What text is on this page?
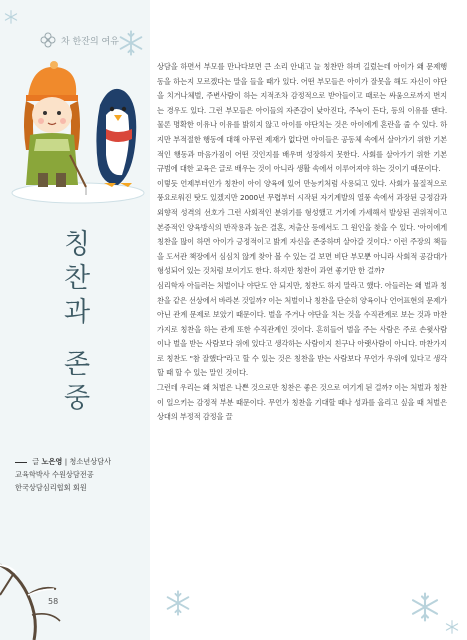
차 한잔의 여유
칭
찬
과
존
중
글 노은영 | 청소년상담사
교육학박사 수원상담전공
한국상담심리협회 회원
58

상담을 하면서 부모를 만나다보면 큰 소리 안내고 늘 칭찬만 하며 길렀는데 아이가 왜 문제행동을 하는지 모르겠다는 말을 들을 때가 있다. 어떤 부모들은 아이가 잘못을 해도 자신이 야단을 치거나체벌, 주변사람이 하는 지적조차 감정적으로 받아들이고 때로는 싸움으로까지 번지는 경우도 있다. 그런 부모들은 아이들의 자존감이 낮아진다, 주눅이 든다, 등의 이유를 댄다. 물론 명확한 이유나 이유를 밝히지 않고 아이를 야단치는 것은 아이에게 혼란을 줄 수 있다. 하지만 부적절한 행동에 대해 아무런 제재가 없다면 아이들은 공동체 속에서 살아가기 위한 기본적인 행동과 마음가짐이 어떤 것인지를 배우며 성장하지 못한다. 사회를 살아가기 위한 기본 규범에 대한 교육은 글로 배우는 것이 아니라 생활 속에서 이루어져야 하는 것이기 때문이다.

이렇듯 언제부터인가 칭찬이 아이 양육에 있어 만능키처럼 사용되고 있다. 사회가 물질적으로 풍요로워진 탓도 있겠지만 2000년 무렵부터 시작된 자기계발의 열풍 속에서 과장된 긍정감과 외향적 성격의 선호가 그런 사회적인 분위기를 형성했고 거기에 가세해서 발상된 권위적이고 본증적인 양육방식의 반작용과 높은 결혼, 저출산 등에서도 그 원인을 찾을 수 있다. '아이에게 칭찬을 많이 하면 아이가 긍정적이고 밝게 자신을 존중하며 살아갈 것이다.' 이런 주장의 책들을 도서관 책장에서 심심치 않게 찾아 볼 수 있는 걸 보면 비단 부모뿐 아니라 사회적 공감대가 형성되어 있는 것처럼 보이기도 한다. 하지만 칭찬이 과연 좋기만 한 걸까?

심리학자 아들러는 처벌이나 야단도 안 되지만, 칭찬도 하지 말라고 했다. 아들러는 왜 벌과 칭찬을 같은 선상에서 바라본 것일까? 이는 처벌이나 칭찬을 단순히 양육이나 언어표현의 문제가 아닌 관계 문제로 보았기 때문이다. 벌을 주거나 야단을 치는 것을 수직관계로 보는 것과 마찬가지로 칭찬을 하는 관계 또한 수직관계인 것이다. 흔히들어 벌을 주는 사람은 주로 손윗사람이나 벌을 받는 사람보다 위에 있다고 생각하는 사람이지 친구나 아랫사람이 아니다. 마찬가지로 칭찬도 "참 잘했다"라고 할 수 있는 것은 칭찬을 받는 사람보다 무언가 우위에 있다고 생각할 때 할 수 있는 말인 것이다.

그런데 우리는 왜 처벌은 나쁜 것으로만 칭찬은 좋은 것으로 여기게 된 걸까? 이는 처벌과 칭찬이 일으키는 감정적 부분 때문이다. 무언가 칭찬을 기대할 때나 성과를 올리고 싶을 때 처벌은 상대의 부정적 감정을 끌
